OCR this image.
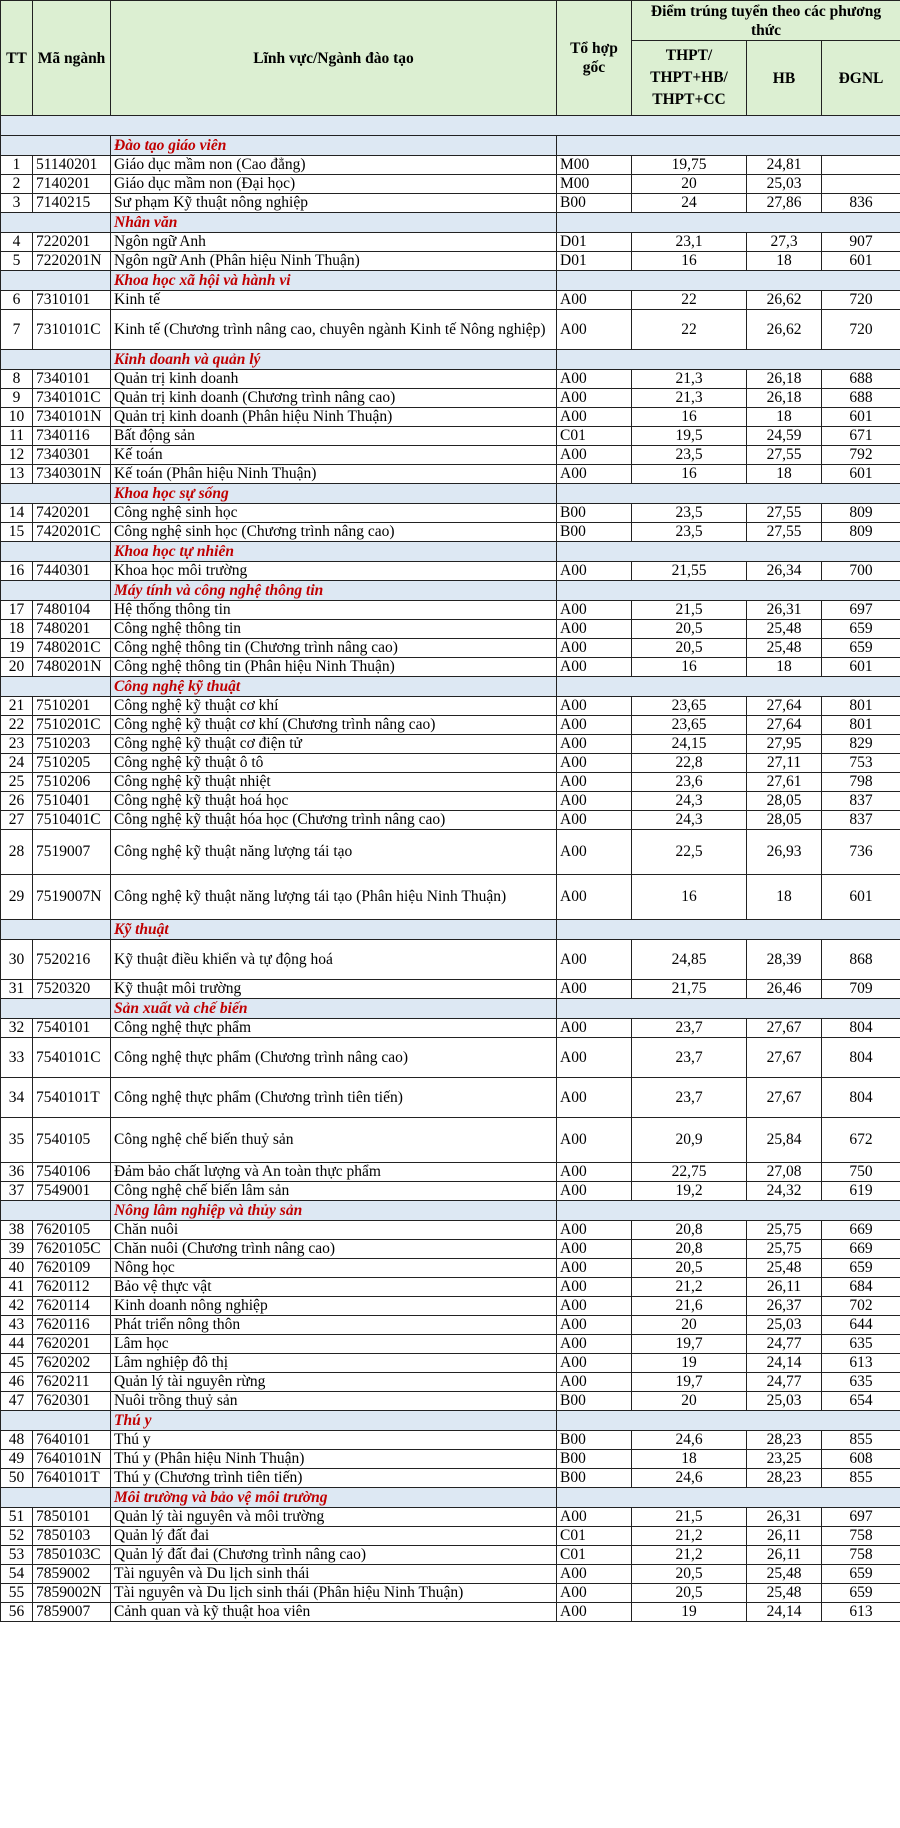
TT	Mã ngành	Lĩnh vực/Ngành đào tạo	Tổ hợp gốc	Điểm trúng tuyển theo các phương thức		
				THPT/ THPT+HB/ THPT+CC	HB	ĐGNL

		Đào tạo giáo viên				
1	51140201	Giáo dục mầm non (Cao đẳng)	M00	19,75	24,81	
2	7140201	Giáo dục mầm non (Đại học)	M00	20	25,03	
3	7140215	Sư phạm Kỹ thuật nông nghiệp	B00	24	27,86	836
		Nhân văn				
4	7220201	Ngôn ngữ Anh	D01	23,1	27,3	907
5	7220201N	Ngôn ngữ Anh (Phân hiệu Ninh Thuận)	D01	16	18	601
		Khoa học xã hội và hành vi				
6	7310101	Kinh tế	A00	22	26,62	720
7	7310101C	Kinh tế (Chương trình nâng cao, chuyên ngành Kinh tế Nông nghiệp)	A00	22	26,62	720
		Kinh doanh và quản lý				
8	7340101	Quản trị kinh doanh	A00	21,3	26,18	688
9	7340101C	Quản trị kinh doanh (Chương trình nâng cao)	A00	21,3	26,18	688
10	7340101N	Quản trị kinh doanh (Phân hiệu Ninh Thuận)	A00	16	18	601
11	7340116	Bất động sản	C01	19,5	24,59	671
12	7340301	Kế toán	A00	23,5	27,55	792
13	7340301N	Kế toán (Phân hiệu Ninh Thuận)	A00	16	18	601
		Khoa học sự sống				
14	7420201	Công nghệ sinh học	B00	23,5	27,55	809
15	7420201C	Công nghệ sinh học (Chương trình nâng cao)	B00	23,5	27,55	809
		Khoa học tự nhiên				
16	7440301	Khoa học môi trường	A00	21,55	26,34	700
		Máy tính và công nghệ thông tin				
17	7480104	Hệ thống thông tin	A00	21,5	26,31	697
18	7480201	Công nghệ thông tin	A00	20,5	25,48	659
19	7480201C	Công nghệ thông tin (Chương trình nâng cao)	A00	20,5	25,48	659
20	7480201N	Công nghệ thông tin (Phân hiệu Ninh Thuận)	A00	16	18	601
		Công nghệ kỹ thuật				
21	7510201	Công nghệ kỹ thuật cơ khí	A00	23,65	27,64	801
22	7510201C	Công nghệ kỹ thuật cơ khí (Chương trình nâng cao)	A00	23,65	27,64	801
23	7510203	Công nghệ kỹ thuật cơ điện tử	A00	24,15	27,95	829
24	7510205	Công nghệ kỹ thuật ô tô	A00	22,8	27,11	753
25	7510206	Công nghệ kỹ thuật nhiệt	A00	23,6	27,61	798
26	7510401	Công nghệ kỹ thuật hoá học	A00	24,3	28,05	837
27	7510401C	Công nghệ kỹ thuật hóa học (Chương trình nâng cao)	A00	24,3	28,05	837
28	7519007	Công nghệ kỹ thuật năng lượng tái tạo	A00	22,5	26,93	736
29	7519007N	Công nghệ kỹ thuật năng lượng tái tạo (Phân hiệu Ninh Thuận)	A00	16	18	601
		Kỹ thuật				
30	7520216	Kỹ thuật điều khiển và tự động hoá	A00	24,85	28,39	868
31	7520320	Kỹ thuật môi trường	A00	21,75	26,46	709
		Sản xuất và chế biến				
32	7540101	Công nghệ thực phẩm	A00	23,7	27,67	804
33	7540101C	Công nghệ thực phẩm (Chương trình nâng cao)	A00	23,7	27,67	804
34	7540101T	Công nghệ thực phẩm (Chương trình tiên tiến)	A00	23,7	27,67	804
35	7540105	Công nghệ chế biến thuỷ sản	A00	20,9	25,84	672
36	7540106	Đảm bảo chất lượng và An toàn thực phẩm	A00	22,75	27,08	750
37	7549001	Công nghệ chế biến lâm sản	A00	19,2	24,32	619
		Nông lâm nghiệp và thủy sản				
38	7620105	Chăn nuôi	A00	20,8	25,75	669
39	7620105C	Chăn nuôi (Chương trình nâng cao)	A00	20,8	25,75	669
40	7620109	Nông học	A00	20,5	25,48	659
41	7620112	Bảo vệ thực vật	A00	21,2	26,11	684
42	7620114	Kinh doanh nông nghiệp	A00	21,6	26,37	702
43	7620116	Phát triển nông thôn	A00	20	25,03	644
44	7620201	Lâm học	A00	19,7	24,77	635
45	7620202	Lâm nghiệp đô thị	A00	19	24,14	613
46	7620211	Quản lý tài nguyên rừng	A00	19,7	24,77	635
47	7620301	Nuôi trồng thuỷ sản	B00	20	25,03	654
		Thú y				
48	7640101	Thú y	B00	24,6	28,23	855
49	7640101N	Thú y (Phân hiệu Ninh Thuận)	B00	18	23,25	608
50	7640101T	Thú y (Chương trình tiên tiến)	B00	24,6	28,23	855
		Môi trường và bảo vệ môi trường				
51	7850101	Quản lý tài nguyên và môi trường	A00	21,5	26,31	697
52	7850103	Quản lý đất đai	C01	21,2	26,11	758
53	7850103C	Quản lý đất đai (Chương trình nâng cao)	C01	21,2	26,11	758
54	7859002	Tài nguyên và Du lịch sinh thái	A00	20,5	25,48	659
55	7859002N	Tài nguyên và Du lịch sinh thái (Phân hiệu Ninh Thuận)	A00	20,5	25,48	659
56	7859007	Cảnh quan và kỹ thuật hoa viên	A00	19	24,14	613
